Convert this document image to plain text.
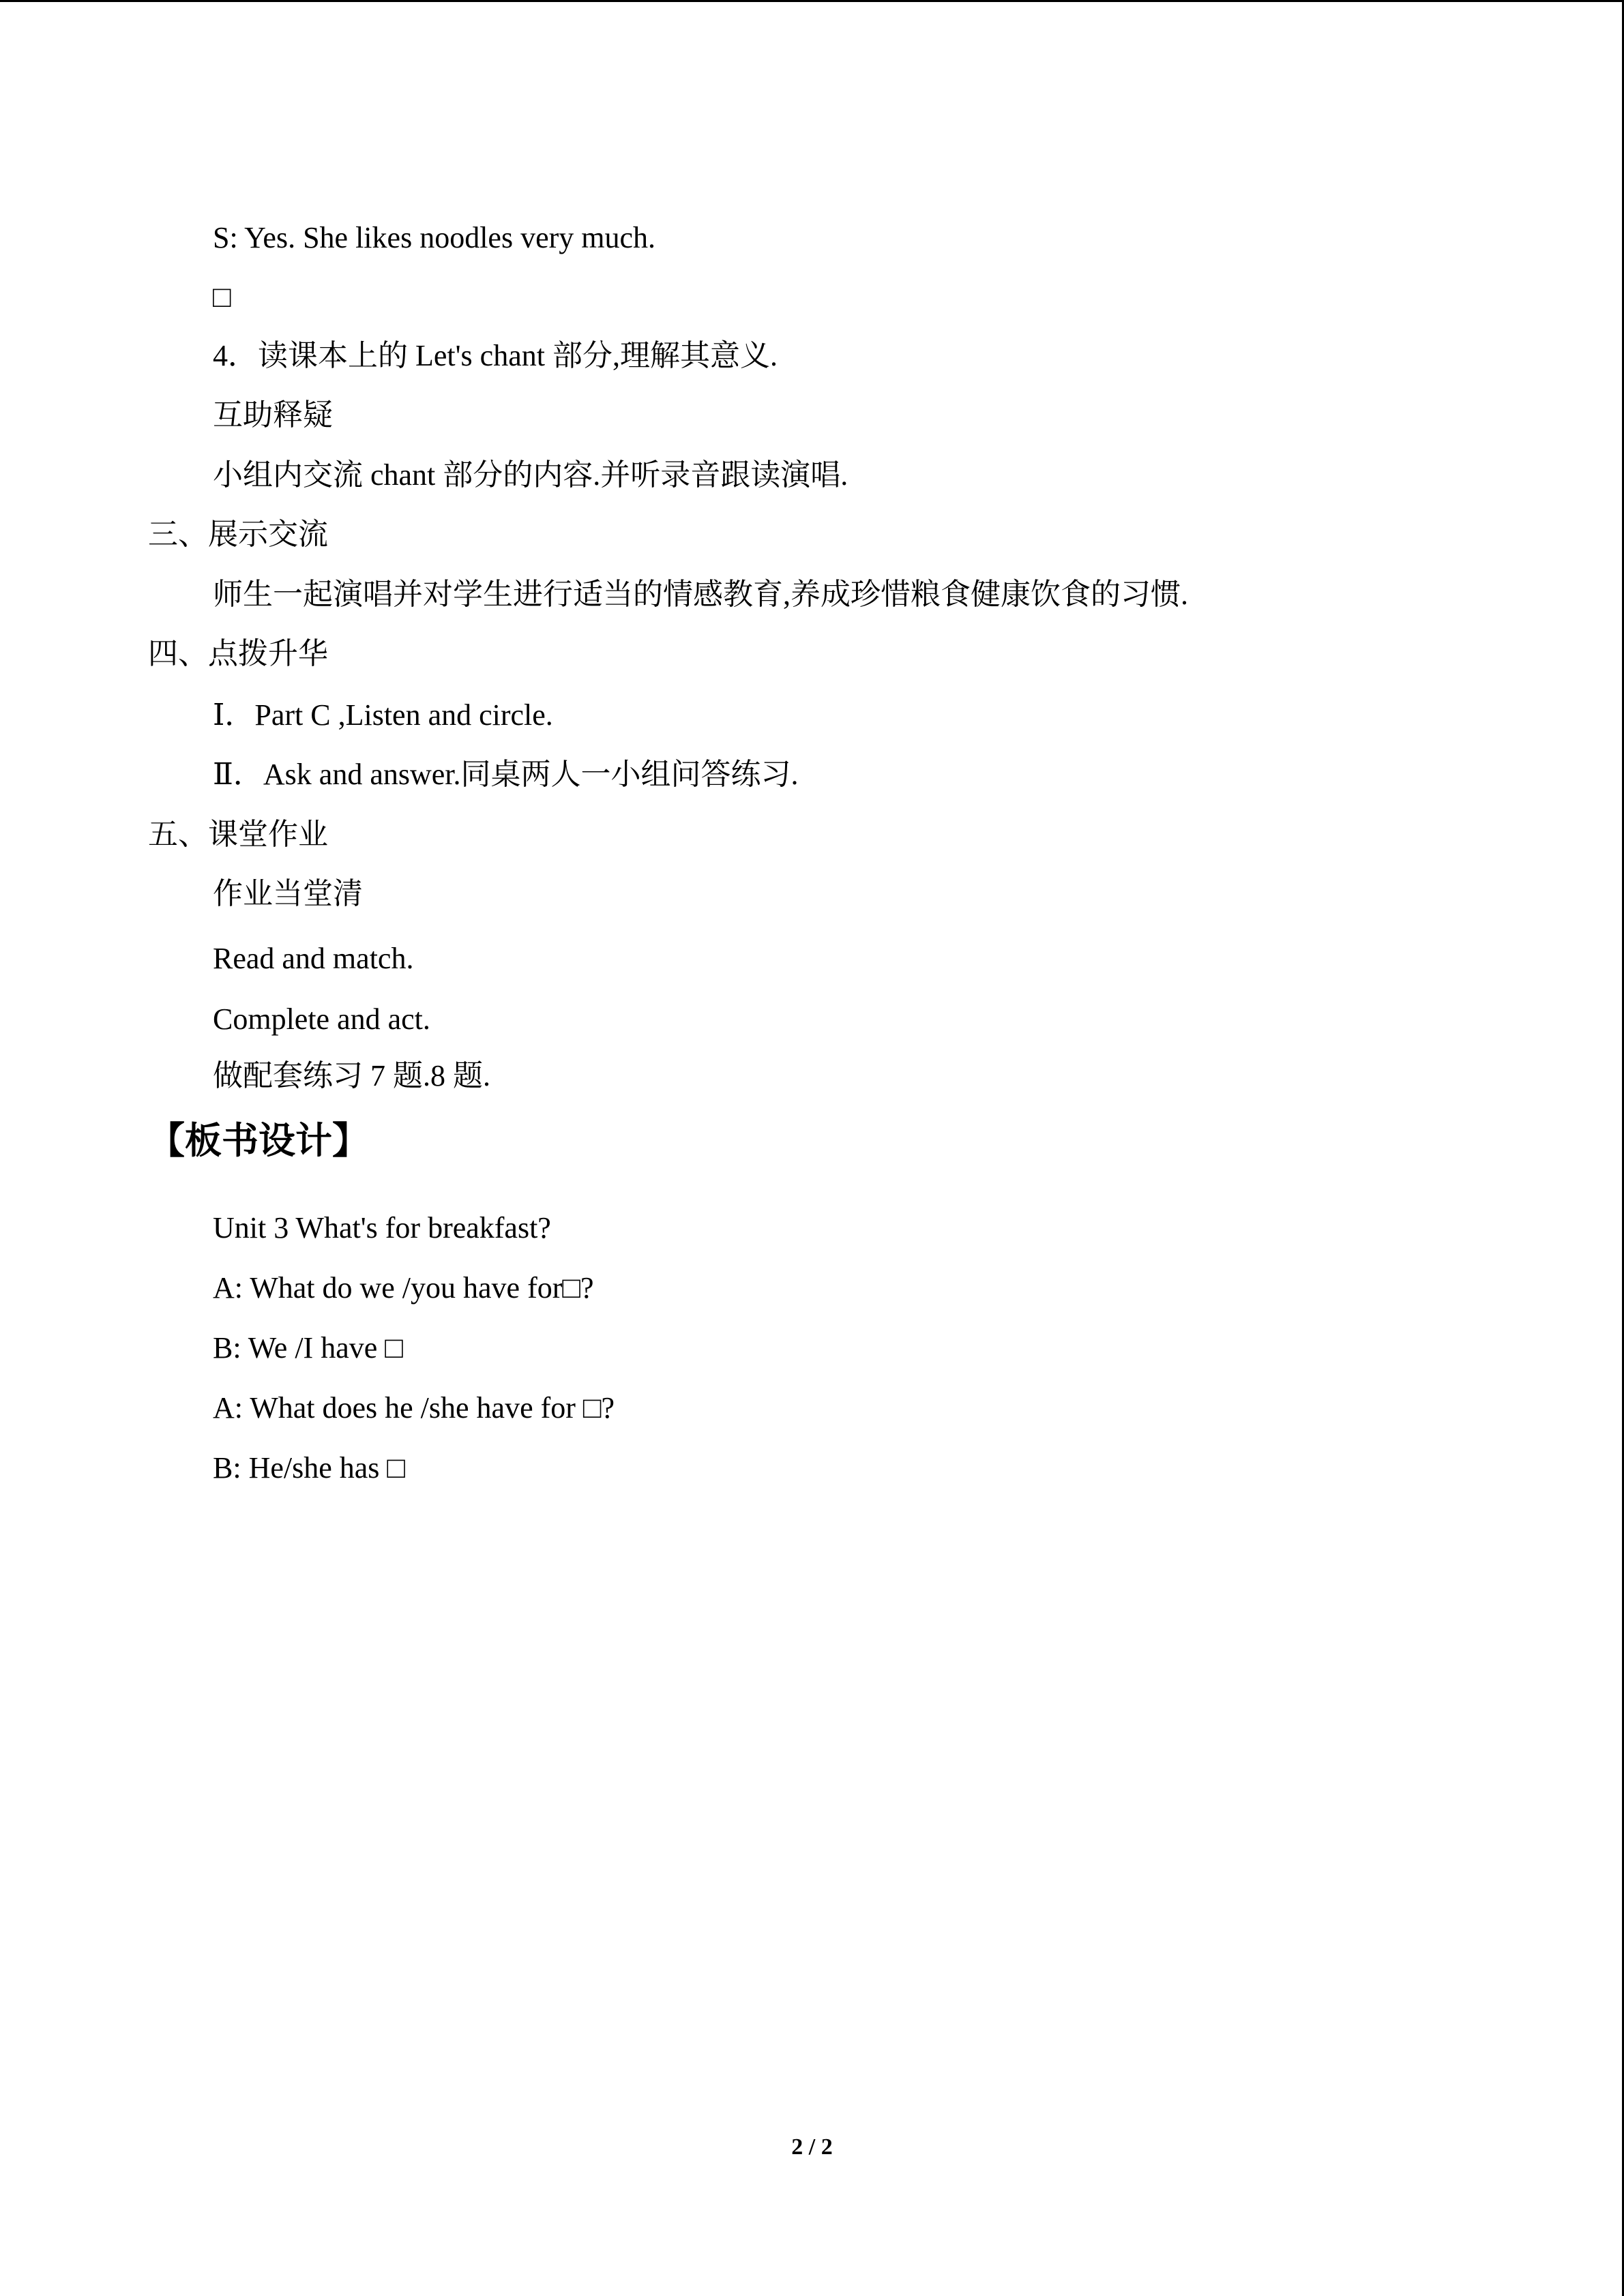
S: Yes. She likes noodles very much.
□
4．读课本上的 Let's chant 部分,理解其意义.
互助释疑
小组内交流 chant 部分的内容.并听录音跟读演唱.
三、展示交流
师生一起演唱并对学生进行适当的情感教育,养成珍惜粮食健康饮食的习惯.
四、点拨升华
Ⅰ．Part C ,Listen and circle.
Ⅱ．Ask and answer.同桌两人一小组问答练习.
五、课堂作业
作业当堂清
Read and match.
Complete and act.
做配套练习 7 题.8 题.
【板书设计】
Unit 3 What's for breakfast?
A: What do we /you have for□?
B: We /I have □
A: What does he /she have for □?
B: He/she has □
2 / 2
